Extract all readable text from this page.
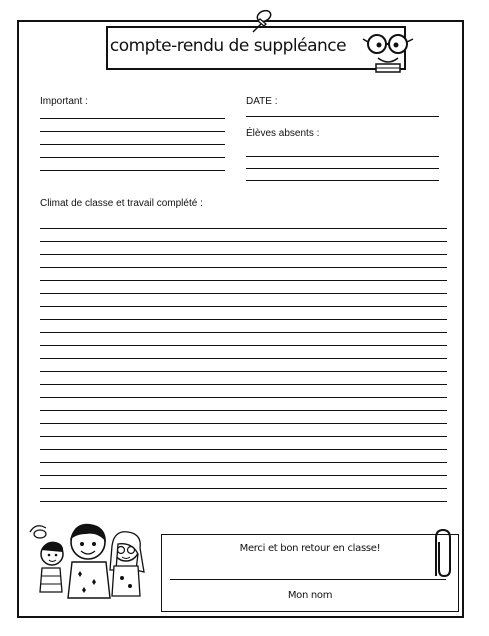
compte-rendu de suppléance
Important :	DATE :
Élèves absents :
Climat de classe et travail complété :
Merci et bon retour en classe!
Mon nom
